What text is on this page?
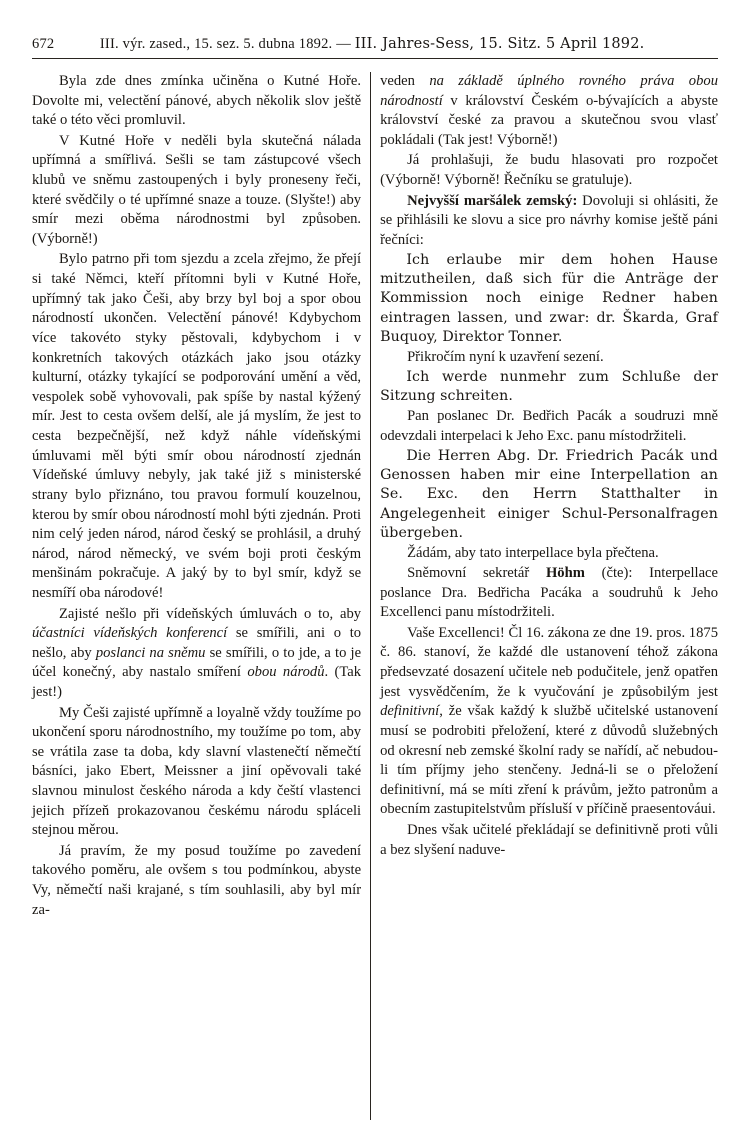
672	III. výr. zased., 15. sez. 5. dubna 1892. — III. Jahres-Sess, 15. Sitz. 5 April 1892.

Byla zde dnes zmínka učiněna o Kutné Hoře. Dovolte mi, velectění pánové, abych několik slov ještě také o této věci promluvil.

V Kutné Hoře v neděli byla skutečná nálada upřímná a smířlivá. Sešli se tam zástupcové všech klubů ve sněmu zastoupených i byly proneseny řeči, které svědčily o té upřímné snaze a touze. (Slyšte!) aby smír mezi oběma národnostmi byl způsoben. (Výborně!)

Bylo patrno při tom sjezdu a zcela zřejmo, že přejí si také Němci, kteří přítomni byli v Kutné Hoře, upřímný tak jako Češi, aby brzy byl boj a spor obou národností ukončen. Velectění pánové! Kdybychom více takovéto styky pěstovali, kdybychom i v konkretních takových otázkách jako jsou otázky kulturní, otázky tykající se podporování umění a věd, vespolek sobě vyhovovali, pak spíše by nastal kýžený mír. Jest to cesta ovšem delší, ale já myslím, že jest to cesta bezpečnější, než když náhle vídeňskými úmluvami měl býti smír obou národností zjednán Vídeňské úmluvy nebyly, jak také již s ministerské strany bylo přiznáno, tou pravou formulí kouzelnou, kterou by smír obou národností mohl býti zjednán. Proti nim celý jeden národ, národ český se prohlásil, a druhý národ, národ německý, ve svém boji proti českým menšinám pokračuje. A jaký by to byl smír, když se nesmíří oba národové!

Zajisté nešlo při vídeňských úmluvách o to, aby účastníci vídeňských konferencí se smířili, ani o to nešlo, aby poslanci na sněmu se smířili, o to jde, a to je účel konečný, aby nastalo smíření obou národů. (Tak jest!)

My Češi zajisté upřímně a loyalně vždy toužíme po ukončení sporu národnostního, my toužíme po tom, aby se vrátila zase ta doba, kdy slavní vlastenečtí němečtí básníci, jako Ebert, Meissner a jiní opěvovali také slavnou minulost českého národa a kdy čeští vlastenci jejich přízeň prokazovanou českému národu spláceli stejnou měrou.

Já pravím, že my posud toužíme po zavedení takového poměru, ale ovšem s tou podmínkou, abyste Vy, němečtí naši krajané, s tím souhlasili, aby byl mír za-

veden na základě úplného rovného práva obou národností v království Českém o-bývajících a abyste království české za pravou a skutečnou svou vlasť pokládali (Tak jest! Výborně!)

Já prohlašuji, že budu hlasovati pro rozpočet (Výborně! Výborně! Řečníku se gratuluje).

Nejvyšší maršálek zemský: Dovoluji si ohlásiti, že se přihlásili ke slovu a sice pro návrhy komise ještě páni řečníci:

Ich erlaube mir dem hohen Hause mitzutheilen, daß sich für die Anträge der Kommission noch einige Redner haben eintragen lassen, und zwar: dr. Škarda, Graf Buquoy, Direktor Tonner.

Přikročím nyní k uzavření sezení.

Ich werde nunmehr zum Schluße der Sitzung schreiten.

Pan poslanec Dr. Bedřich Pacák a soudruzi mně odevzdali interpelaci k Jeho Exc. panu místodržiteli.

Die Herren Abg. Dr. Friedrich Pacák und Genossen haben mir eine Interpellation an Se. Exc. den Herrn Statthalter in Angelegenheit einiger Schul-Personalfragen übergeben.

Žádám, aby tato interpellace byla přečtena.

Sněmovní sekretář Höhm (čte): Interpellace poslance Dra. Bedřicha Pacáka a soudruhů k Jeho Excellenci panu místodržiteli.

Vaše Excellenci! Čl 16. zákona ze dne 19. pros. 1875 č. 86. stanoví, že každé dle ustanovení téhož zákona předsevzaté dosazení učitele neb podučitele, jenž opatřen jest vysvědčením, že k vyučování je způsobilým jest definitivní, že však každý k službě učitelské ustanovení musí se podrobiti přeložení, které z důvodů služebných od okresní neb zemské školní rady se nařídí, ač nebudou-li tím příjmy jeho stenčeny. Jedná-li se o přeložení definitivní, má se míti zření k právům, ježto patronům a obecním zastupitelstvům přísluší v příčině praesentováui.

Dnes však učitelé překládají se definitivně proti vůli a bez slyšení naduve-
